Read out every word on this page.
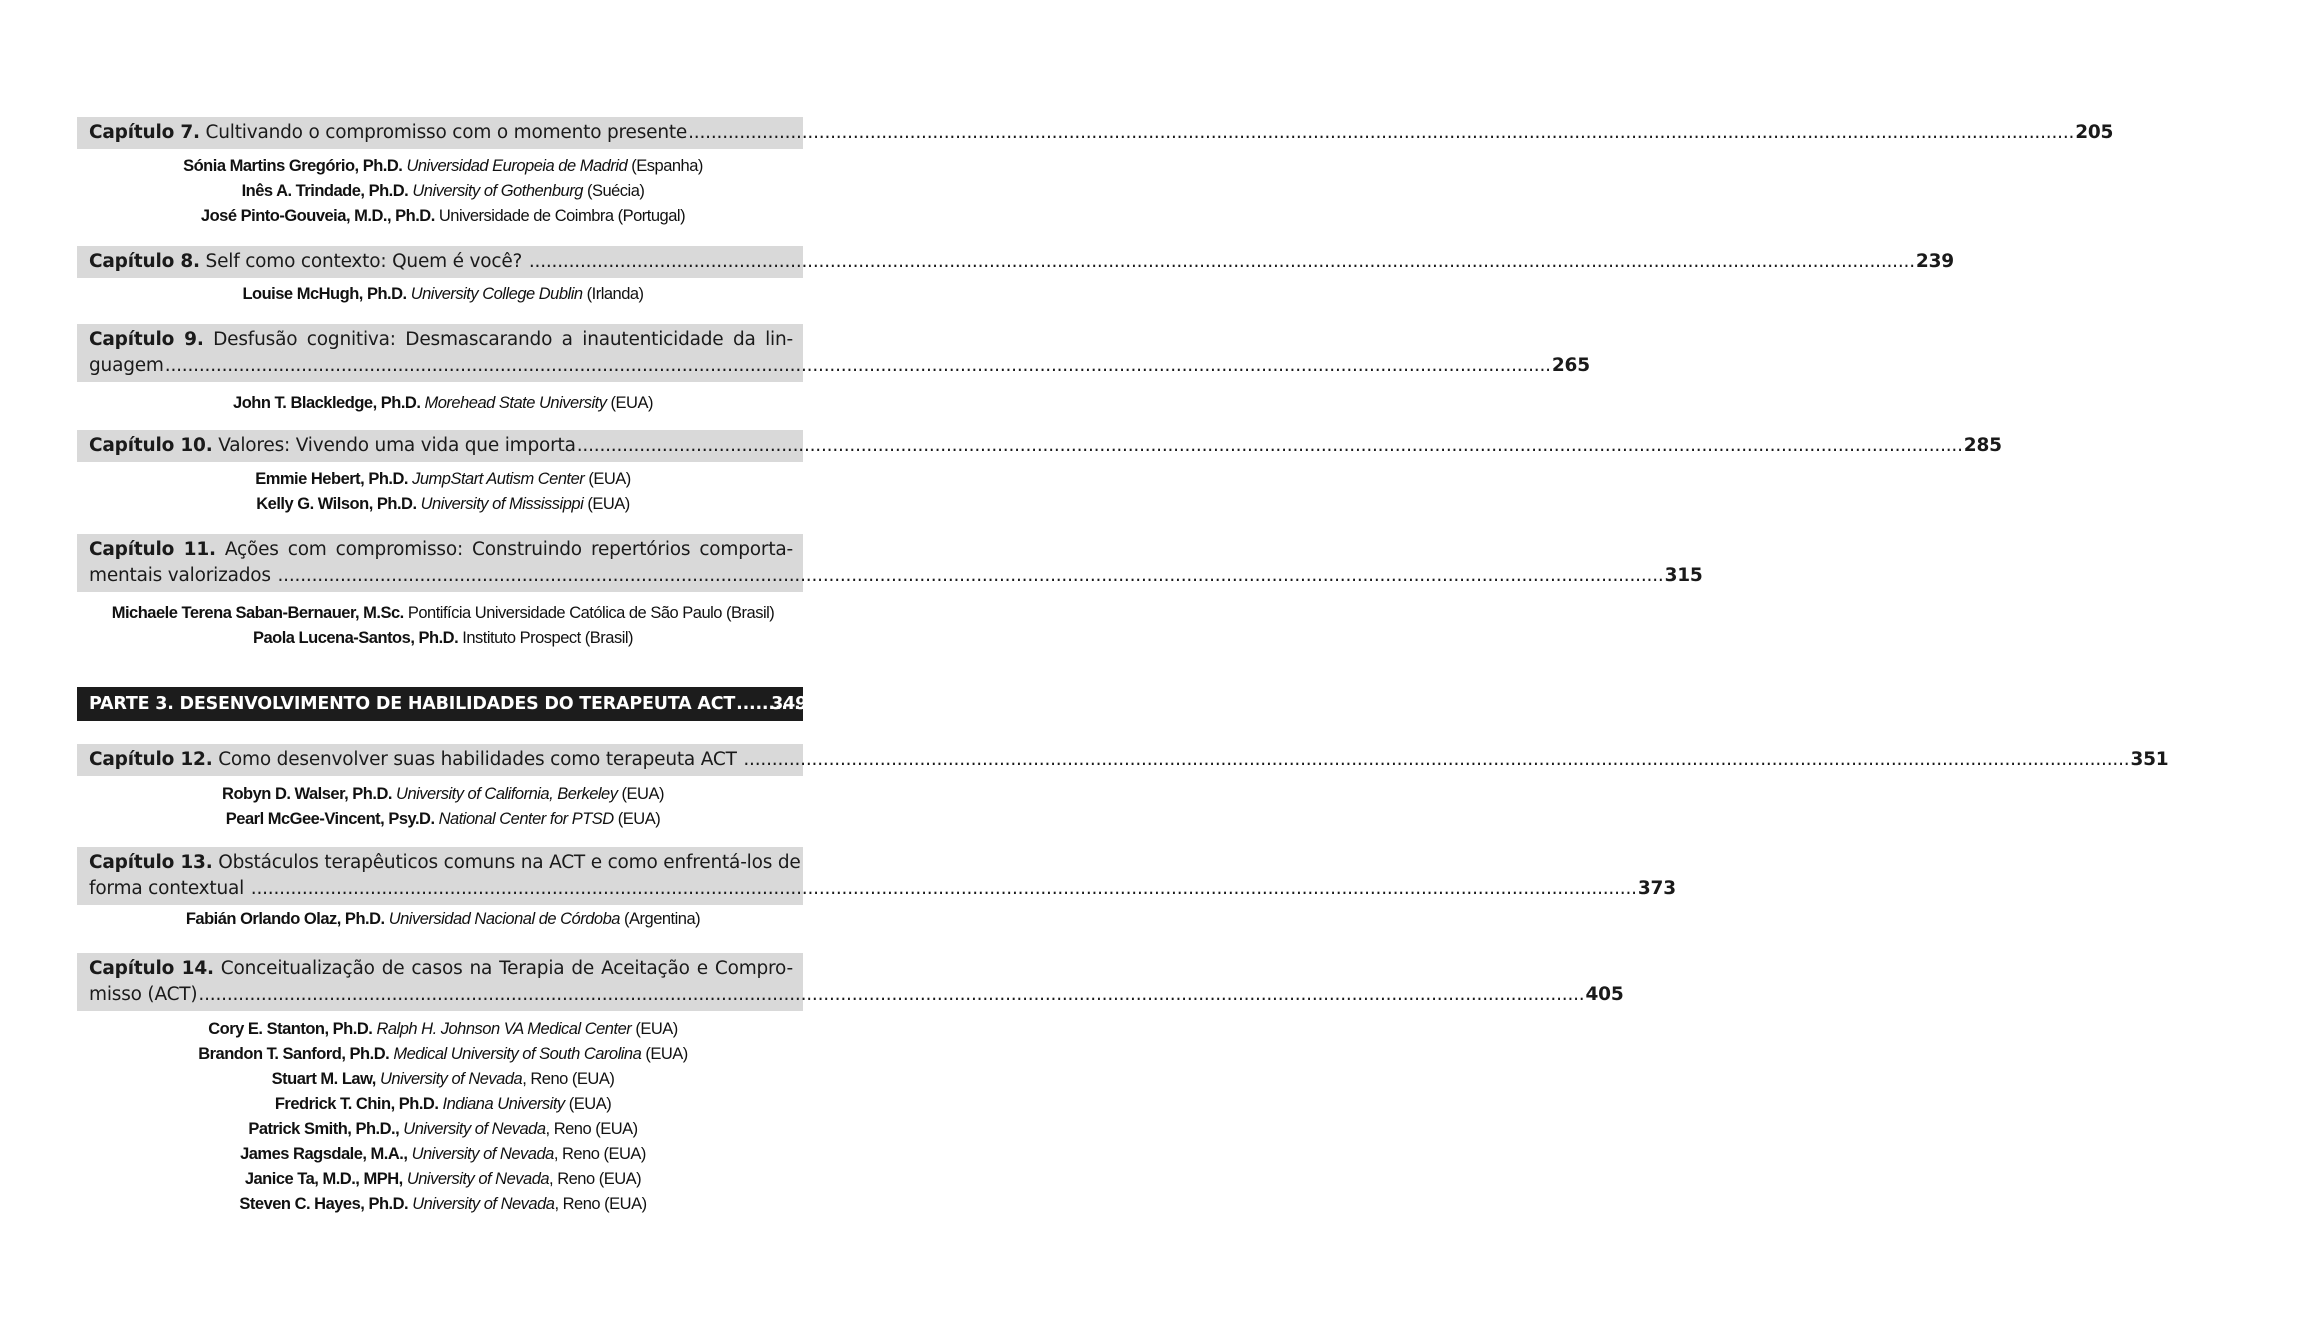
Capítulo 7. Cultivando o compromisso com o momento presente .....	205
Sónia Martins Gregório, Ph.D. Universidad Europeia de Madrid (Espanha)
Inês A. Trindade, Ph.D. University of Gothenburg (Suécia)
José Pinto-Gouveia, M.D., Ph.D. Universidade de Coimbra (Portugal)
Capítulo 8. Self como contexto: Quem é você? .....	239
Louise McHugh, Ph.D. University College Dublin (Irlanda)
Capítulo 9. Desfusão cognitiva: Desmascarando a inautenticidade da lin-
guagem .....	265
John T. Blackledge, Ph.D. Morehead State University (EUA)
Capítulo 10. Valores: Vivendo uma vida que importa .....	285
Emmie Hebert, Ph.D. JumpStart Autism Center (EUA)
Kelly G. Wilson, Ph.D. University of Mississippi (EUA)
Capítulo 11. Ações com compromisso: Construindo repertórios comporta-
mentais valorizados .....	315
Michaele Terena Saban-Bernauer, M.Sc. Pontifícia Universidade Católica de São Paulo (Brasil)
Paola Lucena-Santos, Ph.D. Instituto Prospect (Brasil)
PARTE 3. DESENVOLVIMENTO DE HABILIDADES DO TERAPEUTA ACT ..... 349
Capítulo 12. Como desenvolver suas habilidades como terapeuta ACT .....	351
Robyn D. Walser, Ph.D. University of California, Berkeley (EUA)
Pearl McGee-Vincent, Psy.D. National Center for PTSD (EUA)
Capítulo 13. Obstáculos terapêuticos comuns na ACT e como enfrentá-los de
forma contextual .....	373
Fabián Orlando Olaz, Ph.D. Universidad Nacional de Córdoba (Argentina)
Capítulo 14. Conceitualização de casos na Terapia de Aceitação e Compro-
misso (ACT) .....	405
Cory E. Stanton, Ph.D. Ralph H. Johnson VA Medical Center (EUA)
Brandon T. Sanford, Ph.D. Medical University of South Carolina (EUA)
Stuart M. Law, University of Nevada, Reno (EUA)
Fredrick T. Chin, Ph.D. Indiana University (EUA)
Patrick Smith, Ph.D., University of Nevada, Reno (EUA)
James Ragsdale, M.A., University of Nevada, Reno (EUA)
Janice Ta, M.D., MPH, University of Nevada, Reno (EUA)
Steven C. Hayes, Ph.D. University of Nevada, Reno (EUA)
